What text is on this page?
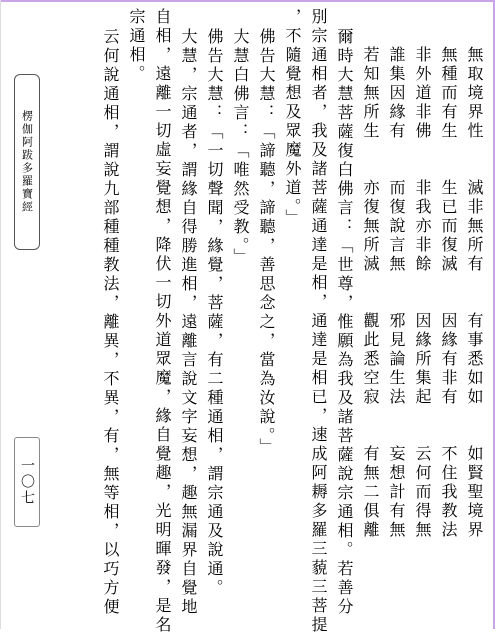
楞伽阿跋多羅寶經
一〇七
無取境界性　　滅非無所有　　有事悉如如　　如賢聖境界
無種而有生　　生已而復滅　　因緣有非有　　不住我教法
非外道非佛　　非我亦非餘　　因緣所集起　　云何而得無
誰集因緣有　　而復說言無　　邪見論生法　　妄想計有無
若知無所生　　亦復無所滅　　觀此悉空寂　　有無二俱離
爾時大慧菩薩復白佛言：「世尊，惟願為我及諸菩薩說宗通相。若善分
別宗通相者，我及諸菩薩通達是相，通達是相已，速成阿耨多羅三藐三菩提
，不隨覺想及眾魔外道。」
佛告大慧：「諦聽，諦聽，善思念之，當為汝說。」
大慧白佛言：「唯然受教。」
佛告大慧：「一切聲聞，緣覺，菩薩，有二種通相，謂宗通及說通。
大慧，宗通者，謂緣自得勝進相，遠離言說文字妄想，趣無漏界自覺地
自相，遠離一切虛妄覺想，降伏一切外道眾魔，緣自覺趣，光明暉發，是名
宗通相。
云何說通相，謂說九部種種教法，離異，不異，有，無等相，以巧方便
